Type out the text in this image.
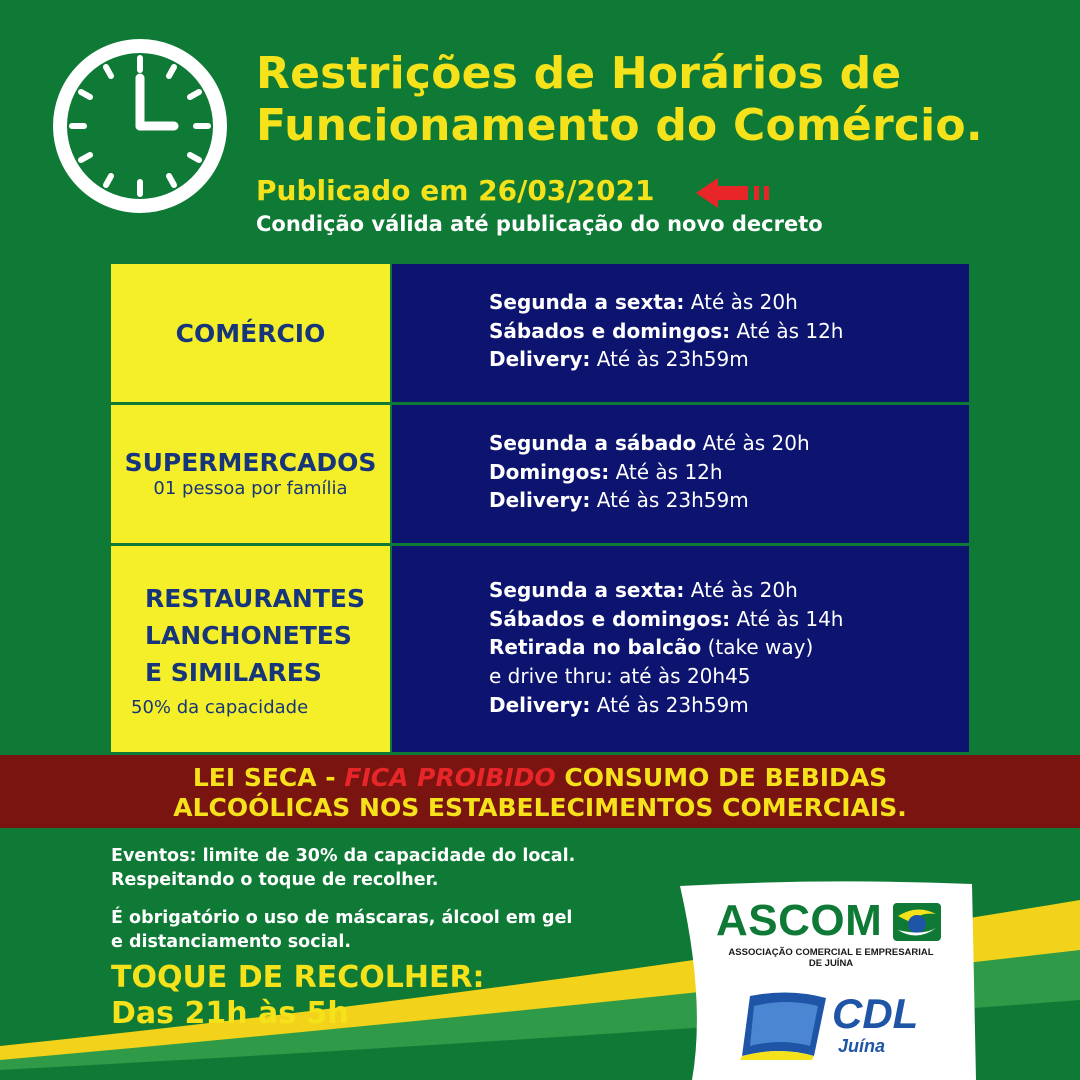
Restrições de Horários de
Funcionamento do Comércio.
Publicado em 26/03/2021
Condição válida até publicação do novo decreto
COMÉRCIO
Segunda a sexta: Até às 20h
Sábados e domingos: Até às 12h
Delivery: Até às 23h59m
SUPERMERCADOS
01 pessoa por família
Segunda a sábado Até às 20h
Domingos: Até às 12h
Delivery: Até às 23h59m
RESTAURANTES
LANCHONETES
E SIMILARES
50% da capacidade
Segunda a sexta: Até às 20h
Sábados e domingos: Até às 14h
Retirada no balcão (take way)
e drive thru: até às 20h45
Delivery: Até às 23h59m
LEI SECA - FICA PROIBIDO CONSUMO DE BEBIDAS
ALCOÓLICAS NOS ESTABELECIMENTOS COMERCIAIS.
Eventos: limite de 30% da capacidade do local.
Respeitando o toque de recolher.
É obrigatório o uso de máscaras, álcool em gel
e distanciamento social.
TOQUE DE RECOLHER:
Das 21h às 5h
ASCOM
ASSOCIAÇÃO COMERCIAL E EMPRESARIAL
DE JUÍNA
CDL
Juína
